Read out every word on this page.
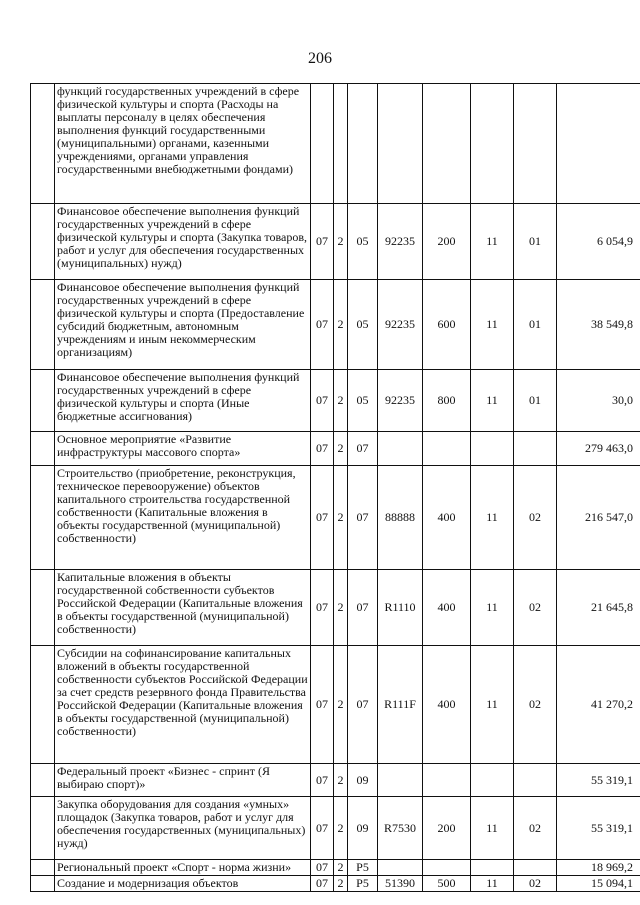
206
	функций государственных учреждений в сфере физической культуры и спорта (Расходы на выплаты персоналу в целях обеспечения выполнения функций государственными (муниципальными) органами, казенными учреждениями, органами управления государственными внебюджетными фондами)								
	Финансовое обеспечение выполнения функций государственных учреждений в сфере физической культуры и спорта (Закупка товаров, работ и услуг для обеспечения государственных (муниципальных) нужд)	07	2	05	92235	200	11	01	6 054,9
	Финансовое обеспечение выполнения функций государственных учреждений в сфере физической культуры и спорта (Предоставление субсидий бюджетным, автономным учреждениям и иным некоммерческим организациям)	07	2	05	92235	600	11	01	38 549,8
	Финансовое обеспечение выполнения функций государственных учреждений в сфере физической культуры и спорта (Иные бюджетные ассигнования)	07	2	05	92235	800	11	01	30,0
	Основное мероприятие «Развитие инфраструктуры массового спорта»	07	2	07					279 463,0
	Строительство (приобретение, реконструкция, техническое перевооружение) объектов капитального строительства государственной собственности (Капитальные вложения в объекты государственной (муниципальной) собственности)	07	2	07	88888	400	11	02	216 547,0
	Капитальные вложения в объекты государственной собственности субъектов Российской Федерации (Капитальные вложения в объекты государственной (муниципальной) собственности)	07	2	07	R1110	400	11	02	21 645,8
	Субсидии на софинансирование капитальных вложений в объекты государственной собственности субъектов Российской Федерации за счет средств резервного фонда Правительства Российской Федерации (Капитальные вложения в объекты государственной (муниципальной) собственности)	07	2	07	R111F	400	11	02	41 270,2
	Федеральный проект «Бизнес - спринт (Я выбираю спорт)»	07	2	09					55 319,1
	Закупка оборудования для создания «умных» площадок (Закупка товаров, работ и услуг для обеспечения государственных (муниципальных) нужд)	07	2	09	R7530	200	11	02	55 319,1
	Региональный проект «Спорт - норма жизни»	07	2	P5					18 969,2
	Создание и модернизация объектов	07	2	P5	51390	500	11	02	15 094,1
